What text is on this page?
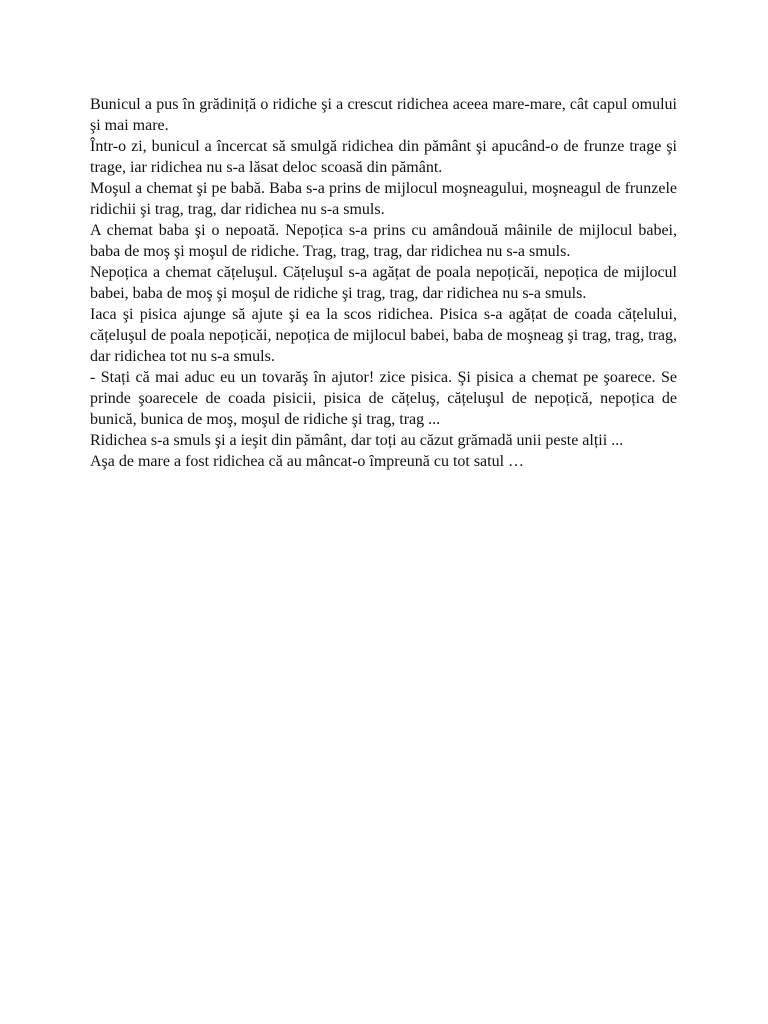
Bunicul a pus în grădiniță o ridiche şi a crescut ridichea aceea mare-mare, cât capul omului şi mai mare.

Într-o zi, bunicul a încercat să smulgă ridichea din pământ şi apucând-o de frunze trage şi trage, iar ridichea nu s-a lăsat deloc scoasă din pământ.

Moşul a chemat şi pe babă. Baba s-a prins de mijlocul moşneagului, moşneagul de frunzele ridichii şi trag, trag, dar ridichea nu s-a smuls.

A chemat baba şi o nepoată. Nepoțica s-a prins cu amândouă mâinile de mijlocul babei, baba de moş şi moşul de ridiche. Trag, trag, trag, dar ridichea nu s-a smuls.

Nepoțica a chemat cățeluşul. Cățeluşul s-a agățat de poala nepoțicăi, nepoțica de mijlocul babei, baba de moş şi moşul de ridiche şi trag, trag, dar ridichea nu s-a smuls.

Iaca şi pisica ajunge să ajute şi ea la scos ridichea. Pisica s-a agățat de coada cățelului, cățeluşul de poala nepoțicăi, nepoțica de mijlocul babei, baba de moşneag şi trag, trag, trag, dar ridichea tot nu s-a smuls.

- Stați că mai aduc eu un tovarăş în ajutor! zice pisica. Şi pisica a chemat pe şoarece. Se prinde şoarecele de coada pisicii, pisica de cățeluş, cățeluşul de nepoțică, nepoțica de bunică, bunica de moş, moşul de ridiche şi trag, trag ...

Ridichea s-a smuls şi a ieşit din pământ, dar toți au căzut grămadă unii peste alții ...

Aşa de mare a fost ridichea că au mâncat-o împreună cu tot satul …
